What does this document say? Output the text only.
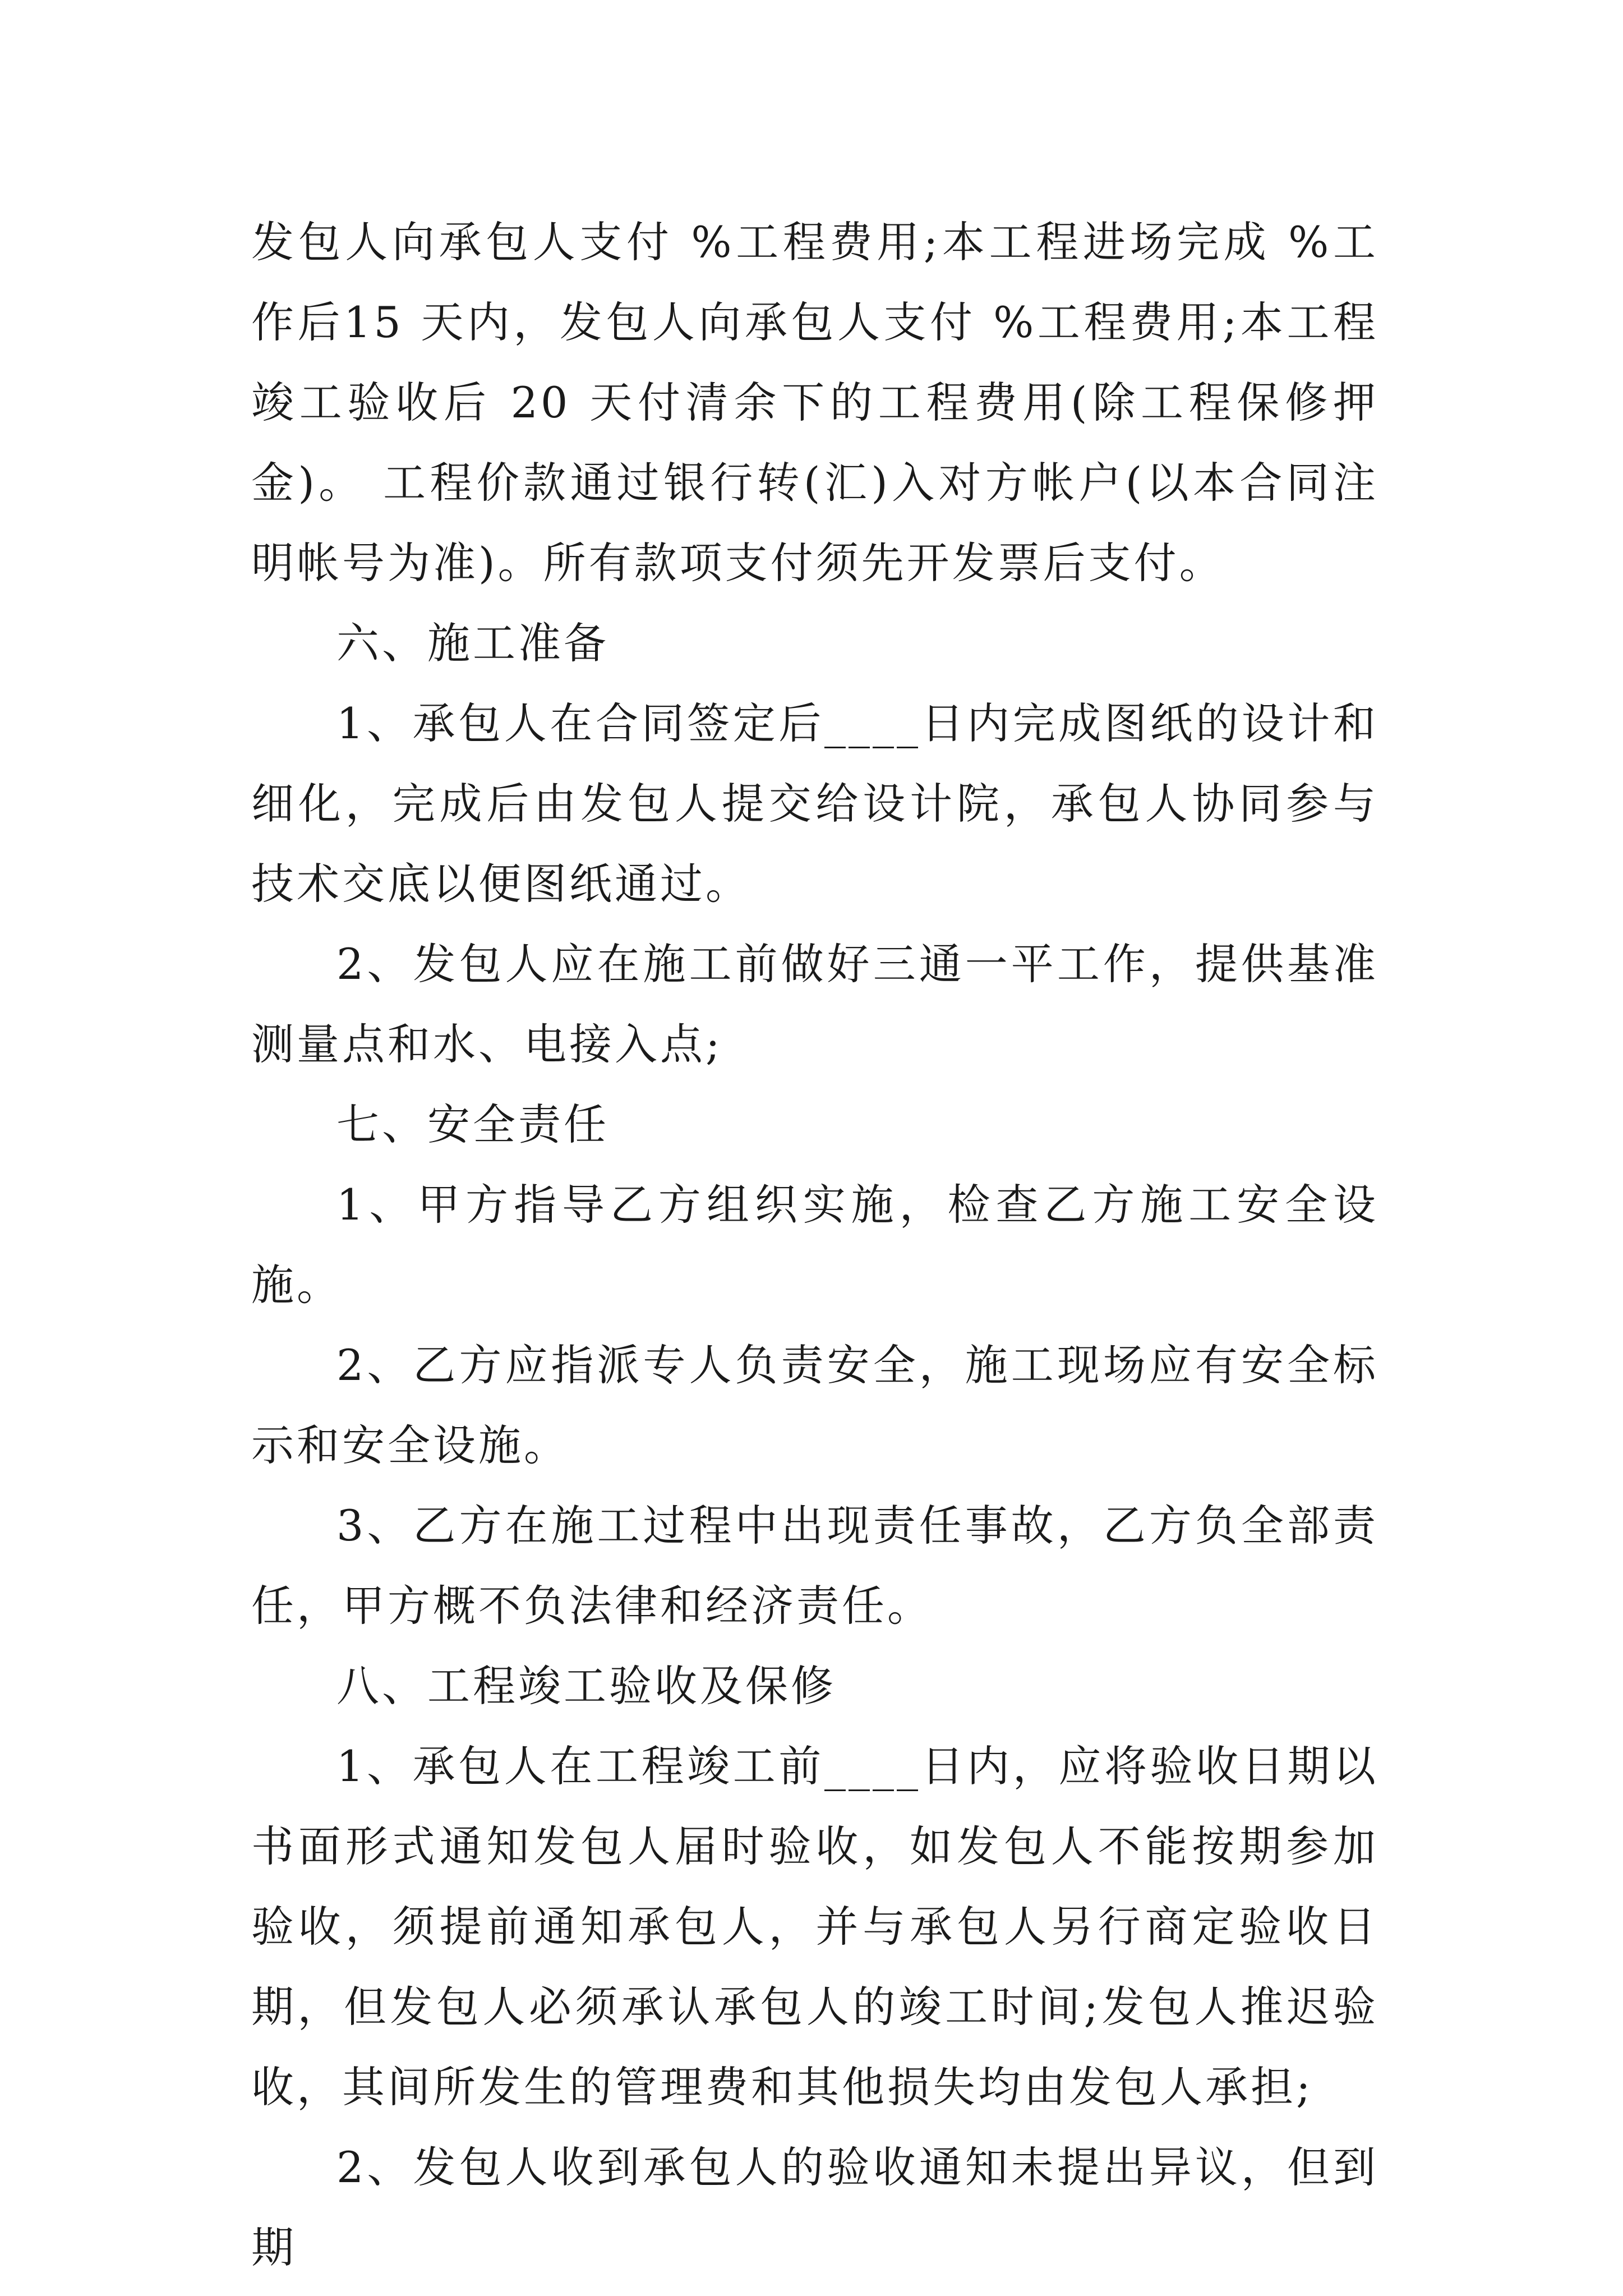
发包人向承包人支付 %工程费用;本工程进场完成 %工作后15 天内，发包人向承包人支付 %工程费用;本工程竣工验收后 20 天付清余下的工程费用(除工程保修押金)。 工程价款通过银行转(汇)入对方帐户(以本合同注明帐号为准)。所有款项支付须先开发票后支付。

六、施工准备

1、承包人在合同签定后____日内完成图纸的设计和细化，完成后由发包人提交给设计院，承包人协同参与技术交底以便图纸通过。

2、发包人应在施工前做好三通一平工作，提供基准测量点和水、电接入点;

七、安全责任

1、甲方指导乙方组织实施，检查乙方施工安全设施。

2、乙方应指派专人负责安全，施工现场应有安全标示和安全设施。

3、乙方在施工过程中出现责任事故，乙方负全部责任，甲方概不负法律和经济责任。

八、工程竣工验收及保修

1、承包人在工程竣工前____日内，应将验收日期以书面形式通知发包人届时验收，如发包人不能按期参加验收，须提前通知承包人，并与承包人另行商定验收日期，但发包人必须承认承包人的竣工时间;发包人推迟验收，其间所发生的管理费和其他损失均由发包人承担;

2、发包人收到承包人的验收通知未提出异议，但到期
